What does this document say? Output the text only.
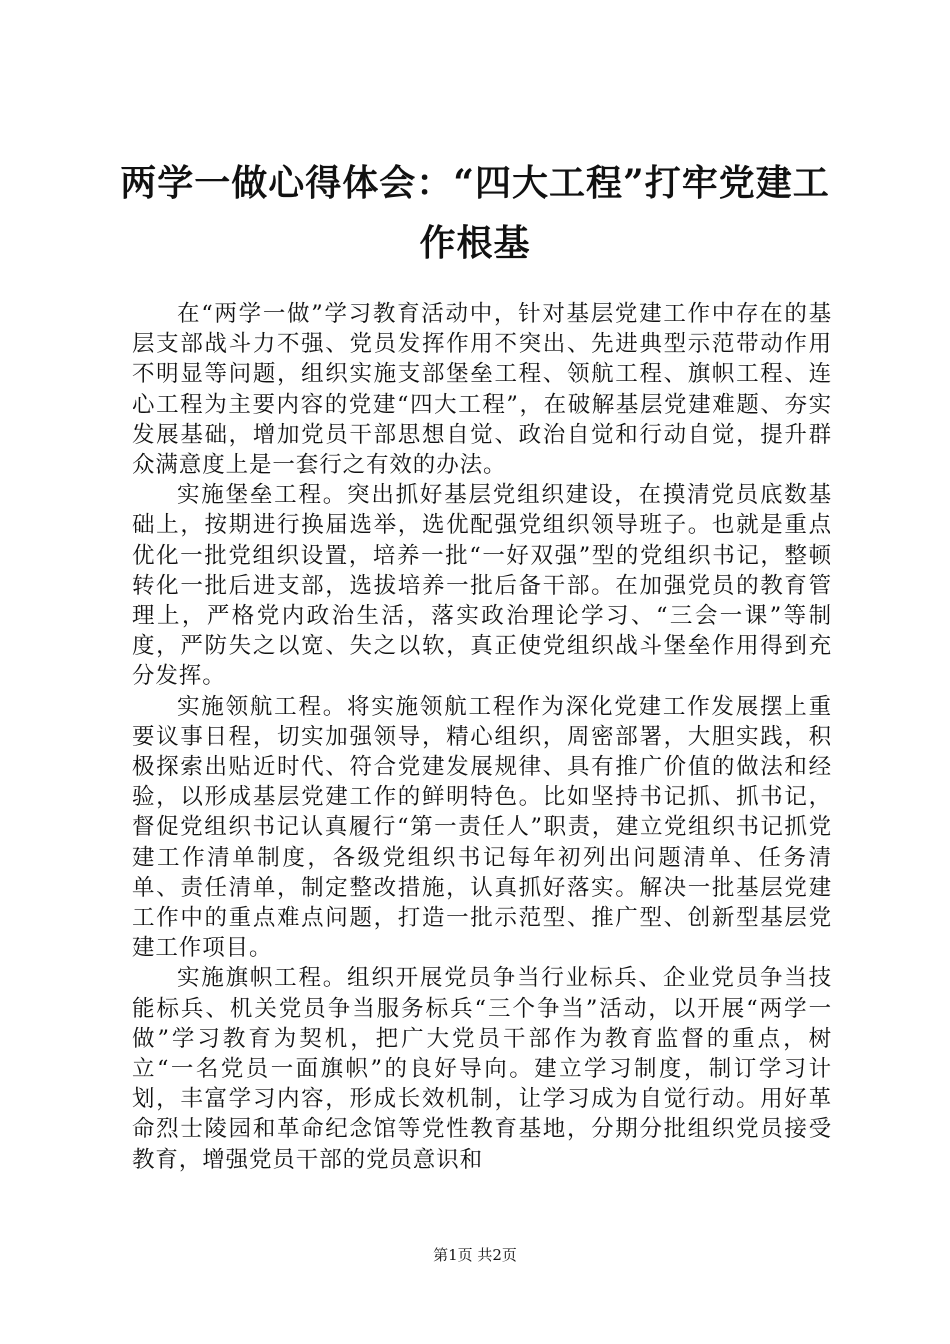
两学一做心得体会：“四大工程”打牢党建工作根基

在“两学一做”学习教育活动中，针对基层党建工作中存在的基层支部战斗力不强、党员发挥作用不突出、先进典型示范带动作用不明显等问题，组织实施支部堡垒工程、领航工程、旗帜工程、连心工程为主要内容的党建“四大工程”，在破解基层党建难题、夯实发展基础，增加党员干部思想自觉、政治自觉和行动自觉，提升群众满意度上是一套行之有效的办法。

实施堡垒工程。突出抓好基层党组织建设，在摸清党员底数基础上，按期进行换届选举，选优配强党组织领导班子。也就是重点优化一批党组织设置，培养一批“一好双强”型的党组织书记，整顿转化一批后进支部，选拔培养一批后备干部。在加强党员的教育管理上，严格党内政治生活，落实政治理论学习、“三会一课”等制度，严防失之以宽、失之以软，真正使党组织战斗堡垒作用得到充分发挥。

实施领航工程。将实施领航工程作为深化党建工作发展摆上重要议事日程，切实加强领导，精心组织，周密部署，大胆实践，积极探索出贴近时代、符合党建发展规律、具有推广价值的做法和经验，以形成基层党建工作的鲜明特色。比如坚持书记抓、抓书记，督促党组织书记认真履行“第一责任人”职责，建立党组织书记抓党建工作清单制度，各级党组织书记每年初列出问题清单、任务清单、责任清单，制定整改措施，认真抓好落实。解决一批基层党建工作中的重点难点问题，打造一批示范型、推广型、创新型基层党建工作项目。

实施旗帜工程。组织开展党员争当行业标兵、企业党员争当技能标兵、机关党员争当服务标兵“三个争当”活动，以开展“两学一做”学习教育为契机，把广大党员干部作为教育监督的重点，树立“一名党员一面旗帜”的良好导向。建立学习制度，制订学习计划，丰富学习内容，形成长效机制，让学习成为自觉行动。用好革命烈士陵园和革命纪念馆等党性教育基地，分期分批组织党员接受教育，增强党员干部的党员意识和

第1页 共2页
